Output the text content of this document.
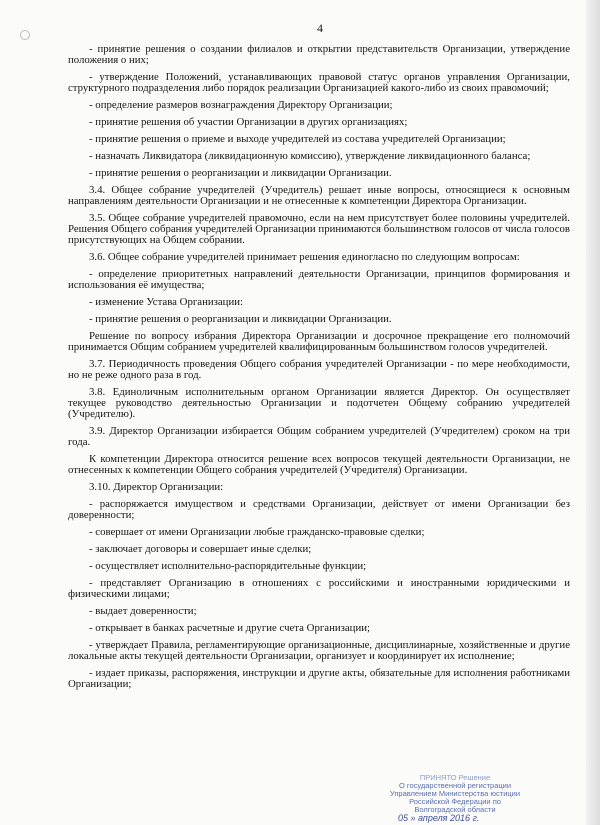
4
- принятие решения о создании филиалов и открытии представительств Организации, утверждение положения о них;
- утверждение Положений, устанавливающих правовой статус органов управления Организации, структурного подразделения либо порядок реализации Организацией какого-либо из своих правомочий;
- определение размеров вознаграждения Директору Организации;
- принятие решения об участии Организации в других организациях;
- принятие решения о приеме и выходе учредителей из состава учредителей Организации;
- назначать Ликвидатора (ликвидационную комиссию), утверждение ликвидационного баланса;
- принятие решения о реорганизации и ликвидации Организации.
3.4. Общее собрание учредителей (Учредитель) решает иные вопросы, относящиеся к основным направлениям деятельности Организации и не отнесенные к компетенции Директора Организации.
3.5. Общее собрание учредителей правомочно, если на нем присутствует более половины учредителей. Решения Общего собрания учредителей Организации принимаются большинством голосов от числа голосов присутствующих на Общем собрании.
3.6. Общее собрание учредителей принимает решения единогласно по следующим вопросам:
- определение приоритетных направлений деятельности Организации, принципов формирования и использования её имущества;
- изменение Устава Организации:
- принятие решения о реорганизации и ликвидации Организации.
Решение по вопросу избрания Директора Организации и досрочное прекращение его полномочий принимается Общим собранием учредителей квалифицированным большинством голосов учредителей.
3.7. Периодичность проведения Общего собрания учредителей Организации - по мере необходимости, но не реже одного раза в год.
3.8. Единоличным исполнительным органом Организации является Директор. Он осуществляет текущее руководство деятельностью Организации и подотчетен Общему собранию учредителей (Учредителю).
3.9. Директор Организации избирается Общим собранием учредителей (Учредителем) сроком на три года.
К компетенции Директора относится решение всех вопросов текущей деятельности Организации, не отнесенных к компетенции Общего собрания учредителей (Учредителя) Организации.
3.10. Директор Организации:
- распоряжается имуществом и средствами Организации, действует от имени Организации без доверенности;
- совершает от имени Организации любые гражданско-правовые сделки;
- заключает договоры и совершает иные сделки;
- осуществляет исполнительно-распорядительные функции;
- представляет Организацию в отношениях с российскими и иностранными юридическими и физическими лицами;
- выдает доверенности;
- открывает в банках расчетные и другие счета Организации;
- утверждает Правила, регламентирующие организационные, дисциплинарные, хозяйственные и другие локальные акты текущей деятельности Организации, организует и координирует их исполнение;
- издает приказы, распоряжения, инструкции и другие акты, обязательные для исполнения работниками Организации;
ПРИНЯТО Решение
О государственной регистрации
Управлением Министерства юстиции
Российской Федерации по
Волгоградской области
05 » апреля 2016 г.
